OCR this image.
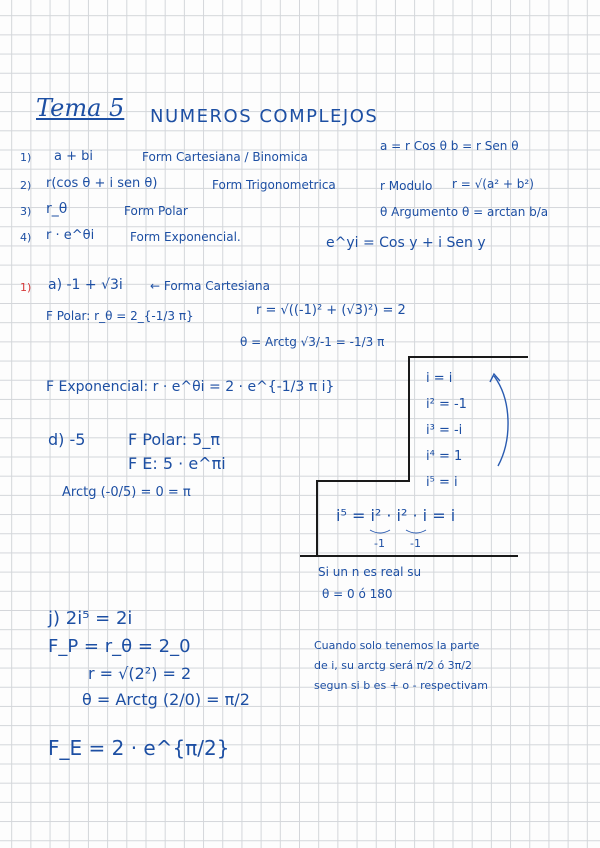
Tema 5 NUMEROS COMPLEJOS
1) a + bi	Form Cartesiana / Binomica
2) r(cos θ + i sen θ)	Form Trigonometrica
3) r_θ	Form Polar
4) r · e^θi	Form Exponencial.
a = r Cos θ b = r Sen θ
r Modulo r = √(a² + b²)
θ Argumento θ = arctan b/a
e^yi = Cos y + i Sen y
1) a) -1 + √3i ← Forma Cartesiana
F Polar: r_θ = 2_{-1/3 π}	r = √((-1)² + (√3)²) = 2
θ = Arctg √3/-1 = -1/3 π
F Exponencial: r · e^θi = 2 · e^{-1/3 π i}
d) -5	F Polar: 5_π
F E: 5 · e^πi
Arctg (-0/5) = 0 = π
i = i
i² = -1
i³ = -i
i⁴ = 1
i⁵ = i
i⁵ = i² · i² · i = i
-1 -1
Si un n es real su
θ = 0 ó 180
j) 2i⁵ = 2i
F_P = r_θ = 2_0
r = √(2²) = 2
θ = Arctg (2/0) = π/2
F_E = 2 · e^{π/2}
Cuando solo tenemos la parte
de i, su arctg será π/2 ó 3π/2
segun si b es + o - respectivam
